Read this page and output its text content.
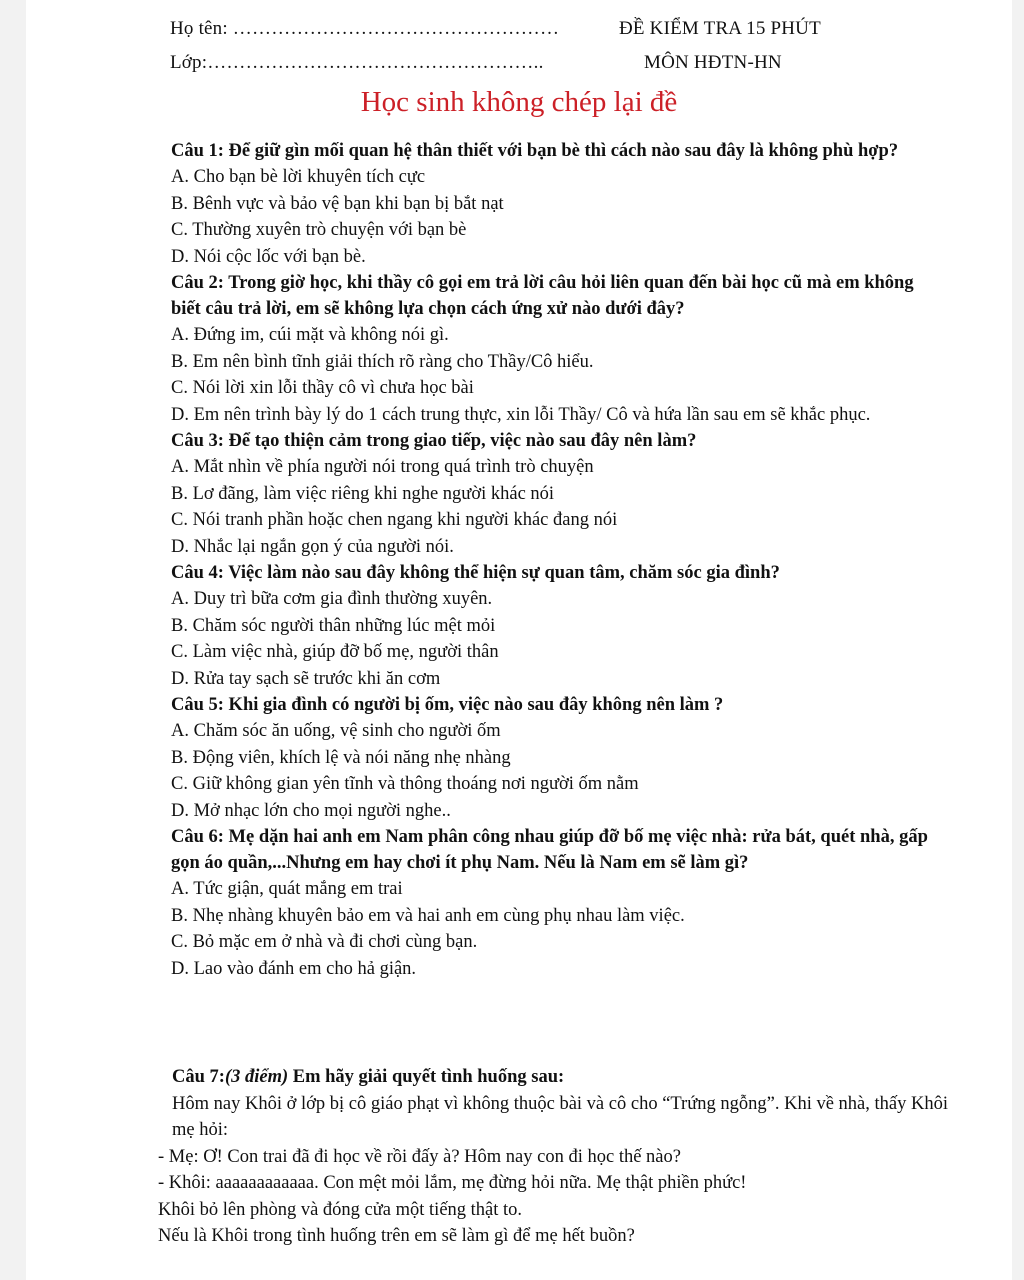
Họ tên: ……………………………………………
Lớp:……………………………………………..
ĐỀ KIỂM TRA 15 PHÚT
MÔN HĐTN-HN
Học sinh không chép lại đề

Câu 1: Để giữ gìn mối quan hệ thân thiết với bạn bè thì cách nào sau đây là không phù hợp?

A. Cho bạn bè lời khuyên tích cực

B. Bênh vực và bảo vệ bạn khi bạn bị bắt nạt

C. Thường xuyên trò chuyện với bạn bè

D. Nói cộc lốc với bạn bè.

Câu 2: Trong giờ học, khi thầy cô gọi em trả lời câu hỏi liên quan đến bài học cũ mà em không biết câu trả lời, em sẽ không lựa chọn cách ứng xử nào dưới đây?

A. Đứng im, cúi mặt và không nói gì.

B. Em nên bình tĩnh giải thích rõ ràng cho Thầy/Cô hiểu.

C. Nói lời xin lỗi thầy cô vì chưa học bài

D. Em nên trình bày lý do 1 cách trung thực, xin lỗi Thầy/ Cô và hứa lần sau em sẽ khắc phục.

Câu 3: Để tạo thiện cảm trong giao tiếp, việc nào sau đây nên làm?

A. Mắt nhìn về phía người nói trong quá trình trò chuyện

B. Lơ đãng, làm việc riêng khi nghe người khác nói

C. Nói tranh phần hoặc chen ngang khi người khác đang nói

D. Nhắc lại ngắn gọn ý của người nói.

Câu 4: Việc làm nào sau đây không thể hiện sự quan tâm, chăm sóc gia đình?

A. Duy trì bữa cơm gia đình thường xuyên.

B. Chăm sóc người thân những lúc mệt mỏi

C. Làm việc nhà, giúp đỡ bố mẹ, người thân

D. Rửa tay sạch sẽ trước khi ăn cơm

Câu 5: Khi gia đình có người bị ốm, việc nào sau đây không nên làm ?

A. Chăm sóc ăn uống, vệ sinh cho người ốm

B. Động viên, khích lệ và nói năng nhẹ nhàng

C. Giữ không gian yên tĩnh và thông thoáng nơi người ốm nằm

D. Mở nhạc lớn cho mọi người nghe..

Câu 6: Mẹ dặn hai anh em Nam phân công nhau giúp đỡ bố mẹ việc nhà: rửa bát, quét nhà, gấp gọn áo quần,...Nhưng em hay chơi ít phụ Nam. Nếu là Nam em sẽ làm gì?

A. Tức giận, quát mắng em trai

B. Nhẹ nhàng khuyên bảo em và hai anh em cùng phụ nhau làm việc.

C. Bỏ mặc em ở nhà và đi chơi cùng bạn.

D. Lao vào đánh em cho hả giận.

Câu 7:(3 điểm) Em hãy giải quyết tình huống sau:

Hôm nay Khôi ở lớp bị cô giáo phạt vì không thuộc bài và cô cho “Trứng ngỗng”. Khi về nhà, thấy Khôi mẹ hỏi:

- Mẹ: Ơ! Con trai đã đi học về rồi đấy à? Hôm nay con đi học thế nào?

- Khôi: aaaaaaaaaaaa. Con mệt mỏi lắm, mẹ đừng hỏi nữa. Mẹ thật phiền phức!

Khôi bỏ lên phòng và đóng cửa một tiếng thật to.

Nếu là Khôi trong tình huống trên em sẽ làm gì để mẹ hết buồn?
